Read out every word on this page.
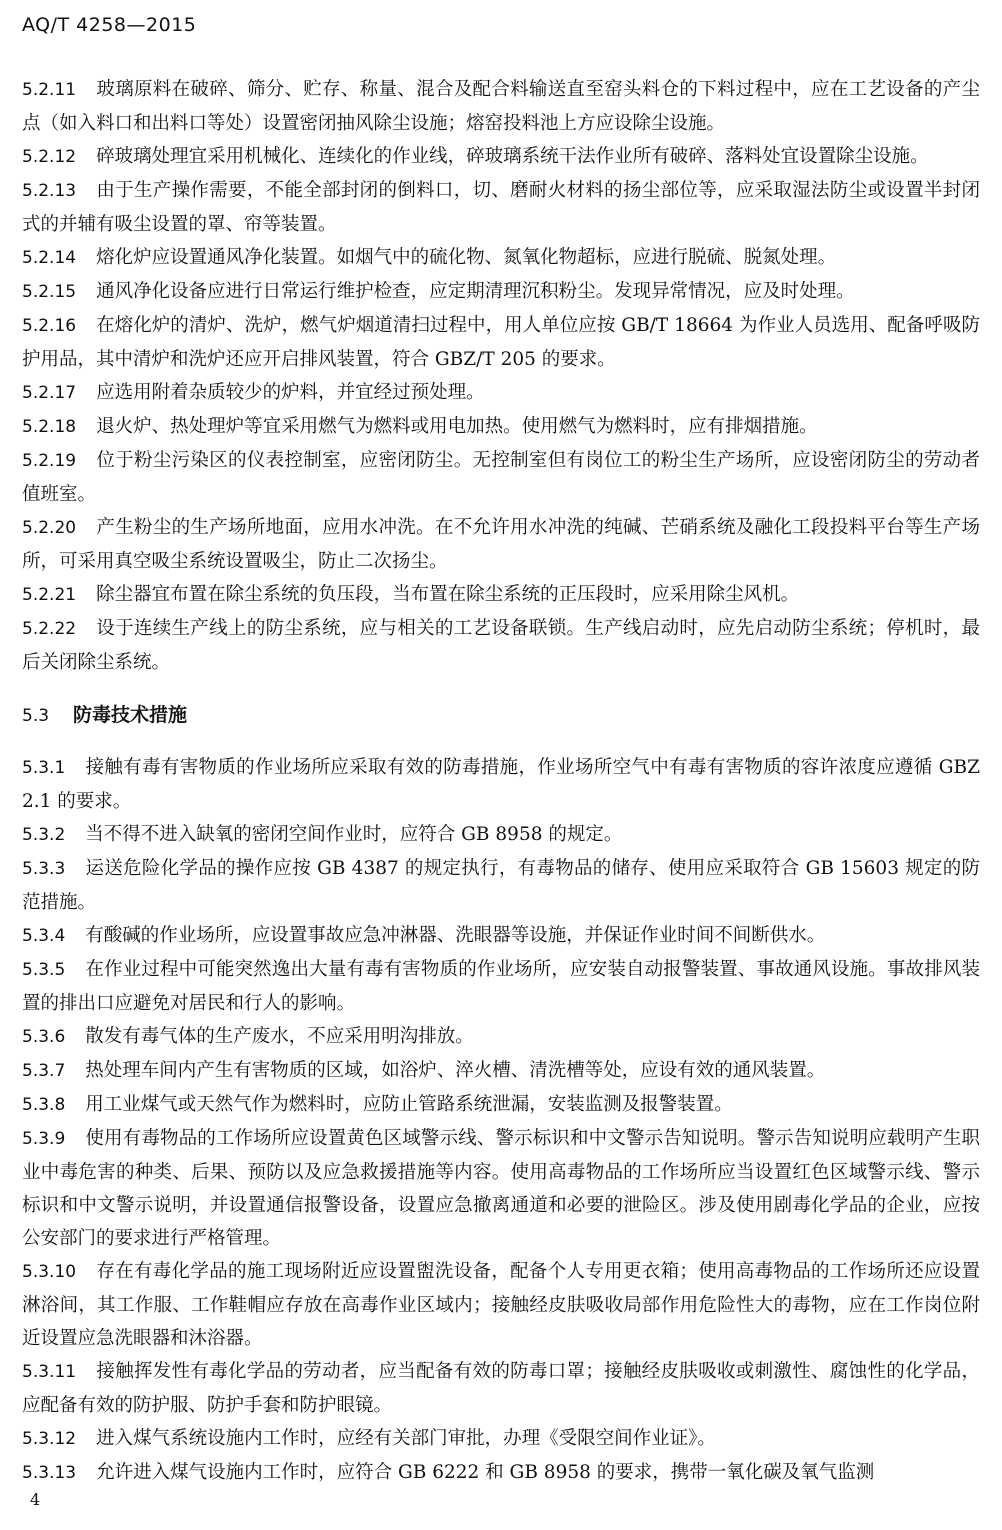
AQ/T 4258—2015

5.2.11 玻璃原料在破碎、筛分、贮存、称量、混合及配合料输送直至窑头料仓的下料过程中，应在工艺设备的产尘点（如入料口和出料口等处）设置密闭抽风除尘设施；熔窑投料池上方应设除尘设施。

5.2.12 碎玻璃处理宜采用机械化、连续化的作业线，碎玻璃系统干法作业所有破碎、落料处宜设置除尘设施。

5.2.13 由于生产操作需要，不能全部封闭的倒料口，切、磨耐火材料的扬尘部位等，应采取湿法防尘或设置半封闭式的并辅有吸尘设置的罩、帘等装置。

5.2.14 熔化炉应设置通风净化装置。如烟气中的硫化物、氮氧化物超标，应进行脱硫、脱氮处理。

5.2.15 通风净化设备应进行日常运行维护检查，应定期清理沉积粉尘。发现异常情况，应及时处理。

5.2.16 在熔化炉的清炉、洗炉，燃气炉烟道清扫过程中，用人单位应按 GB/T 18664 为作业人员选用、配备呼吸防护用品，其中清炉和洗炉还应开启排风装置，符合 GBZ/T 205 的要求。

5.2.17 应选用附着杂质较少的炉料，并宜经过预处理。

5.2.18 退火炉、热处理炉等宜采用燃气为燃料或用电加热。使用燃气为燃料时，应有排烟措施。

5.2.19 位于粉尘污染区的仪表控制室，应密闭防尘。无控制室但有岗位工的粉尘生产场所，应设密闭防尘的劳动者值班室。

5.2.20 产生粉尘的生产场所地面，应用水冲洗。在不允许用水冲洗的纯碱、芒硝系统及融化工段投料平台等生产场所，可采用真空吸尘系统设置吸尘，防止二次扬尘。

5.2.21 除尘器宜布置在除尘系统的负压段，当布置在除尘系统的正压段时，应采用除尘风机。

5.2.22 设于连续生产线上的防尘系统，应与相关的工艺设备联锁。生产线启动时，应先启动防尘系统；停机时，最后关闭除尘系统。

5.3 防毒技术措施

5.3.1 接触有毒有害物质的作业场所应采取有效的防毒措施，作业场所空气中有毒有害物质的容许浓度应遵循 GBZ 2.1 的要求。

5.3.2 当不得不进入缺氧的密闭空间作业时，应符合 GB 8958 的规定。

5.3.3 运送危险化学品的操作应按 GB 4387 的规定执行，有毒物品的储存、使用应采取符合 GB 15603 规定的防范措施。

5.3.4 有酸碱的作业场所，应设置事故应急冲淋器、洗眼器等设施，并保证作业时间不间断供水。

5.3.5 在作业过程中可能突然逸出大量有毒有害物质的作业场所，应安装自动报警装置、事故通风设施。事故排风装置的排出口应避免对居民和行人的影响。

5.3.6 散发有毒气体的生产废水，不应采用明沟排放。

5.3.7 热处理车间内产生有害物质的区域，如浴炉、淬火槽、清洗槽等处，应设有效的通风装置。

5.3.8 用工业煤气或天然气作为燃料时，应防止管路系统泄漏，安装监测及报警装置。

5.3.9 使用有毒物品的工作场所应设置黄色区域警示线、警示标识和中文警示告知说明。警示告知说明应载明产生职业中毒危害的种类、后果、预防以及应急救援措施等内容。使用高毒物品的工作场所应当设置红色区域警示线、警示标识和中文警示说明，并设置通信报警设备，设置应急撤离通道和必要的泄险区。涉及使用剧毒化学品的企业，应按公安部门的要求进行严格管理。

5.3.10 存在有毒化学品的施工现场附近应设置盥洗设备，配备个人专用更衣箱；使用高毒物品的工作场所还应设置淋浴间，其工作服、工作鞋帽应存放在高毒作业区域内；接触经皮肤吸收局部作用危险性大的毒物，应在工作岗位附近设置应急洗眼器和沐浴器。

5.3.11 接触挥发性有毒化学品的劳动者，应当配备有效的防毒口罩；接触经皮肤吸收或刺激性、腐蚀性的化学品，应配备有效的防护服、防护手套和防护眼镜。

5.3.12 进入煤气系统设施内工作时，应经有关部门审批，办理《受限空间作业证》。

5.3.13 允许进入煤气设施内工作时，应符合 GB 6222 和 GB 8958 的要求，携带一氧化碳及氧气监测

4
